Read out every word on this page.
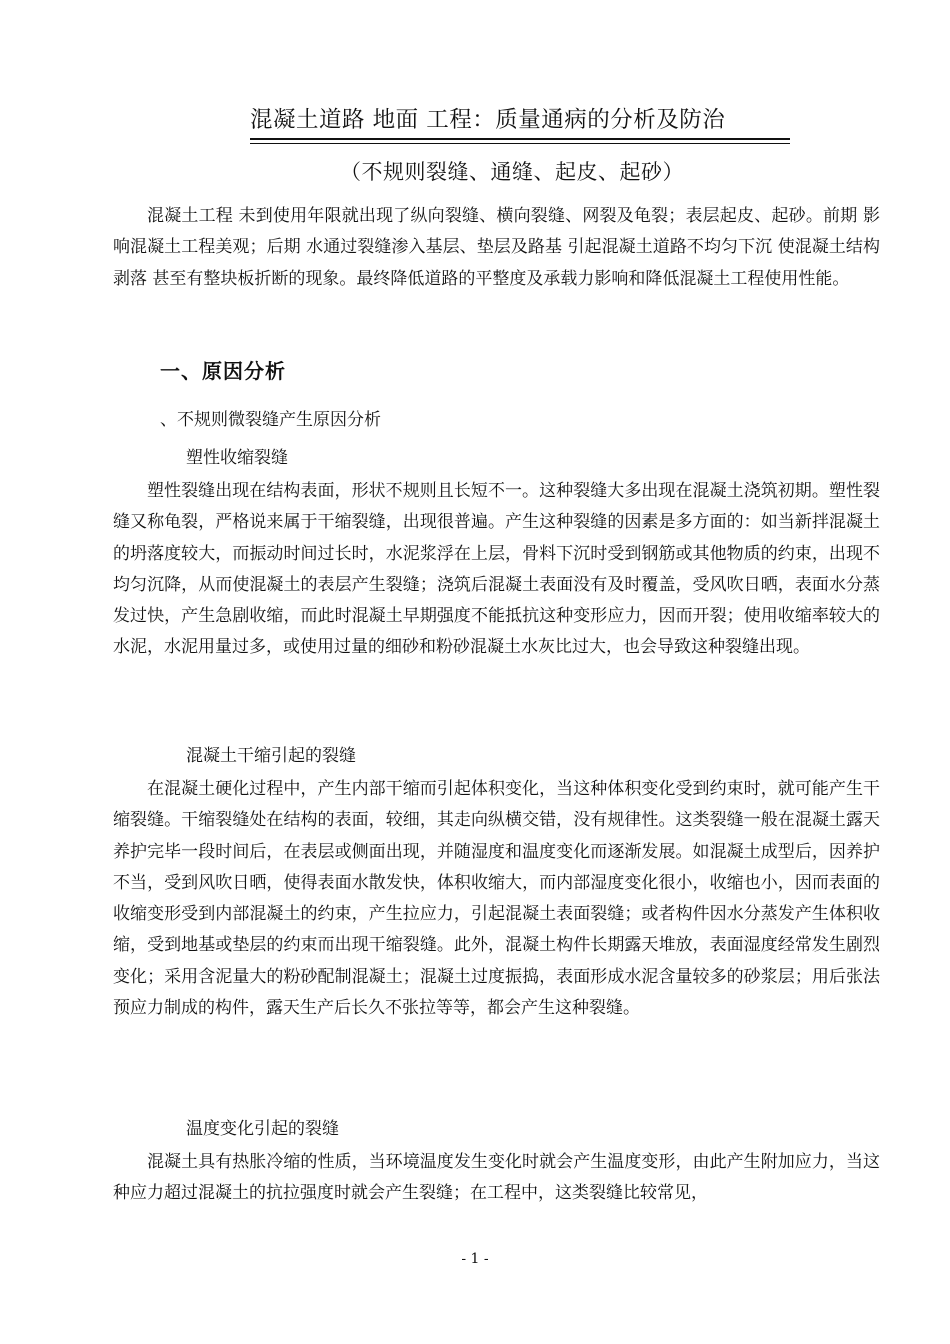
混凝土道路 地面 工程：质量通病的分析及防治
（不规则裂缝、通缝、起皮、起砂）

混凝土工程 未到使用年限就出现了纵向裂缝、横向裂缝、网裂及龟裂；表层起皮、起砂。前期 影响混凝土工程美观；后期 水通过裂缝渗入基层、垫层及路基 引起混凝土道路不均匀下沉 使混凝土结构剥落 甚至有整块板折断的现象。最终降低道路的平整度及承载力影响和降低混凝土工程使用性能。

一、原因分析
、不规则微裂缝产生原因分析
塑性收缩裂缝

塑性裂缝出现在结构表面，形状不规则且长短不一。这种裂缝大多出现在混凝土浇筑初期。塑性裂缝又称龟裂，严格说来属于干缩裂缝，出现很普遍。产生这种裂缝的因素是多方面的：如当新拌混凝土的坍落度较大，而振动时间过长时，水泥浆浮在上层，骨料下沉时受到钢筋或其他物质的约束，出现不均匀沉降，从而使混凝土的表层产生裂缝；浇筑后混凝土表面没有及时覆盖，受风吹日晒，表面水分蒸发过快，产生急剧收缩，而此时混凝土早期强度不能抵抗这种变形应力，因而开裂；使用收缩率较大的水泥，水泥用量过多，或使用过量的细砂和粉砂混凝土水灰比过大，也会导致这种裂缝出现。

混凝土干缩引起的裂缝

在混凝土硬化过程中，产生内部干缩而引起体积变化，当这种体积变化受到约束时，就可能产生干缩裂缝。干缩裂缝处在结构的表面，较细，其走向纵横交错，没有规律性。这类裂缝一般在混凝土露天养护完毕一段时间后，在表层或侧面出现，并随湿度和温度变化而逐渐发展。如混凝土成型后，因养护不当，受到风吹日晒，使得表面水散发快，体积收缩大，而内部湿度变化很小，收缩也小，因而表面的收缩变形受到内部混凝土的约束，产生拉应力，引起混凝土表面裂缝；或者构件因水分蒸发产生体积收缩，受到地基或垫层的约束而出现干缩裂缝。此外，混凝土构件长期露天堆放，表面湿度经常发生剧烈变化；采用含泥量大的粉砂配制混凝土；混凝土过度振捣，表面形成水泥含量较多的砂浆层；用后张法预应力制成的构件，露天生产后长久不张拉等等，都会产生这种裂缝。

温度变化引起的裂缝

混凝土具有热胀冷缩的性质，当环境温度发生变化时就会产生温度变形，由此产生附加应力，当这种应力超过混凝土的抗拉强度时就会产生裂缝；在工程中，这类裂缝比较常见，

- 1 -
